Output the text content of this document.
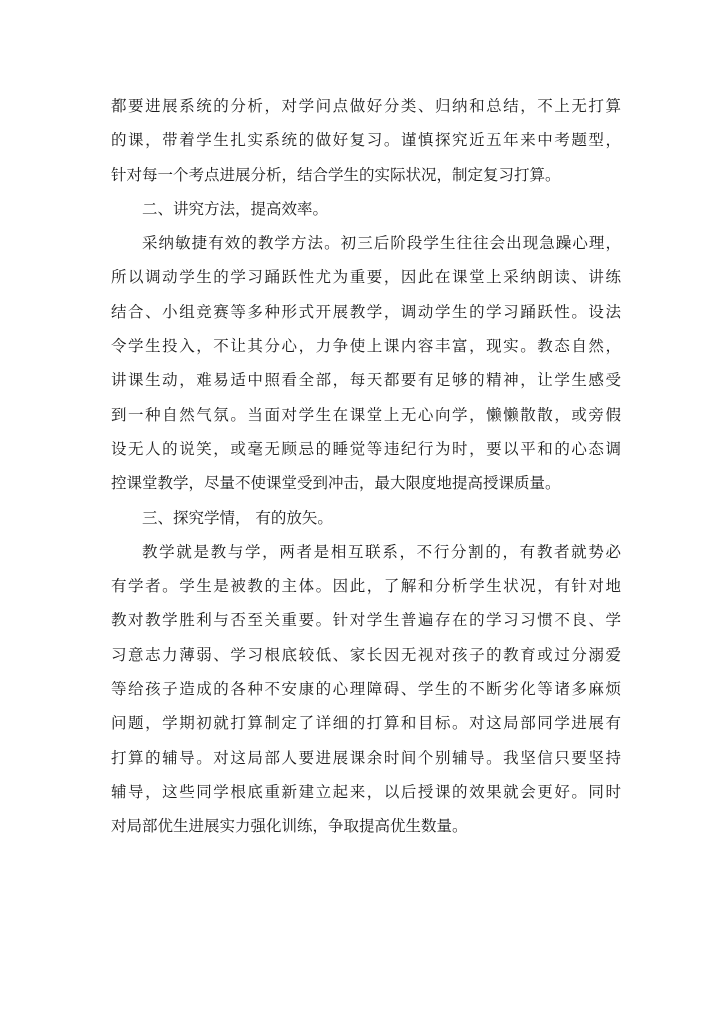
都要进展系统的分析，对学问点做好分类、归纳和总结，不上无打算
的课，带着学生扎实系统的做好复习。谨慎探究近五年来中考题型，
针对每一个考点进展分析，结合学生的实际状况，制定复习打算。
二、讲究方法，提高效率。
采纳敏捷有效的教学方法。初三后阶段学生往往会出现急躁心理，
所以调动学生的学习踊跃性尤为重要，因此在课堂上采纳朗读、讲练
结合、小组竞赛等多种形式开展教学，调动学生的学习踊跃性。设法
令学生投入，不让其分心，力争使上课内容丰富，现实。教态自然，
讲课生动，难易适中照看全部，每天都要有足够的精神，让学生感受
到一种自然气氛。当面对学生在课堂上无心向学，懒懒散散，或旁假
设无人的说笑，或毫无顾忌的睡觉等违纪行为时，要以平和的心态调
控课堂教学，尽量不使课堂受到冲击，最大限度地提高授课质量。
三、探究学情， 有的放矢。
教学就是教与学，两者是相互联系，不行分割的，有教者就势必
有学者。学生是被教的主体。因此，了解和分析学生状况，有针对地
教对教学胜利与否至关重要。针对学生普遍存在的学习习惯不良、学
习意志力薄弱、学习根底较低、家长因无视对孩子的教育或过分溺爱
等给孩子造成的各种不安康的心理障碍、学生的不断劣化等诸多麻烦
问题，学期初就打算制定了详细的打算和目标。对这局部同学进展有
打算的辅导。对这局部人要进展课余时间个别辅导。我坚信只要坚持
辅导，这些同学根底重新建立起来，以后授课的效果就会更好。同时
对局部优生进展实力强化训练，争取提高优生数量。
